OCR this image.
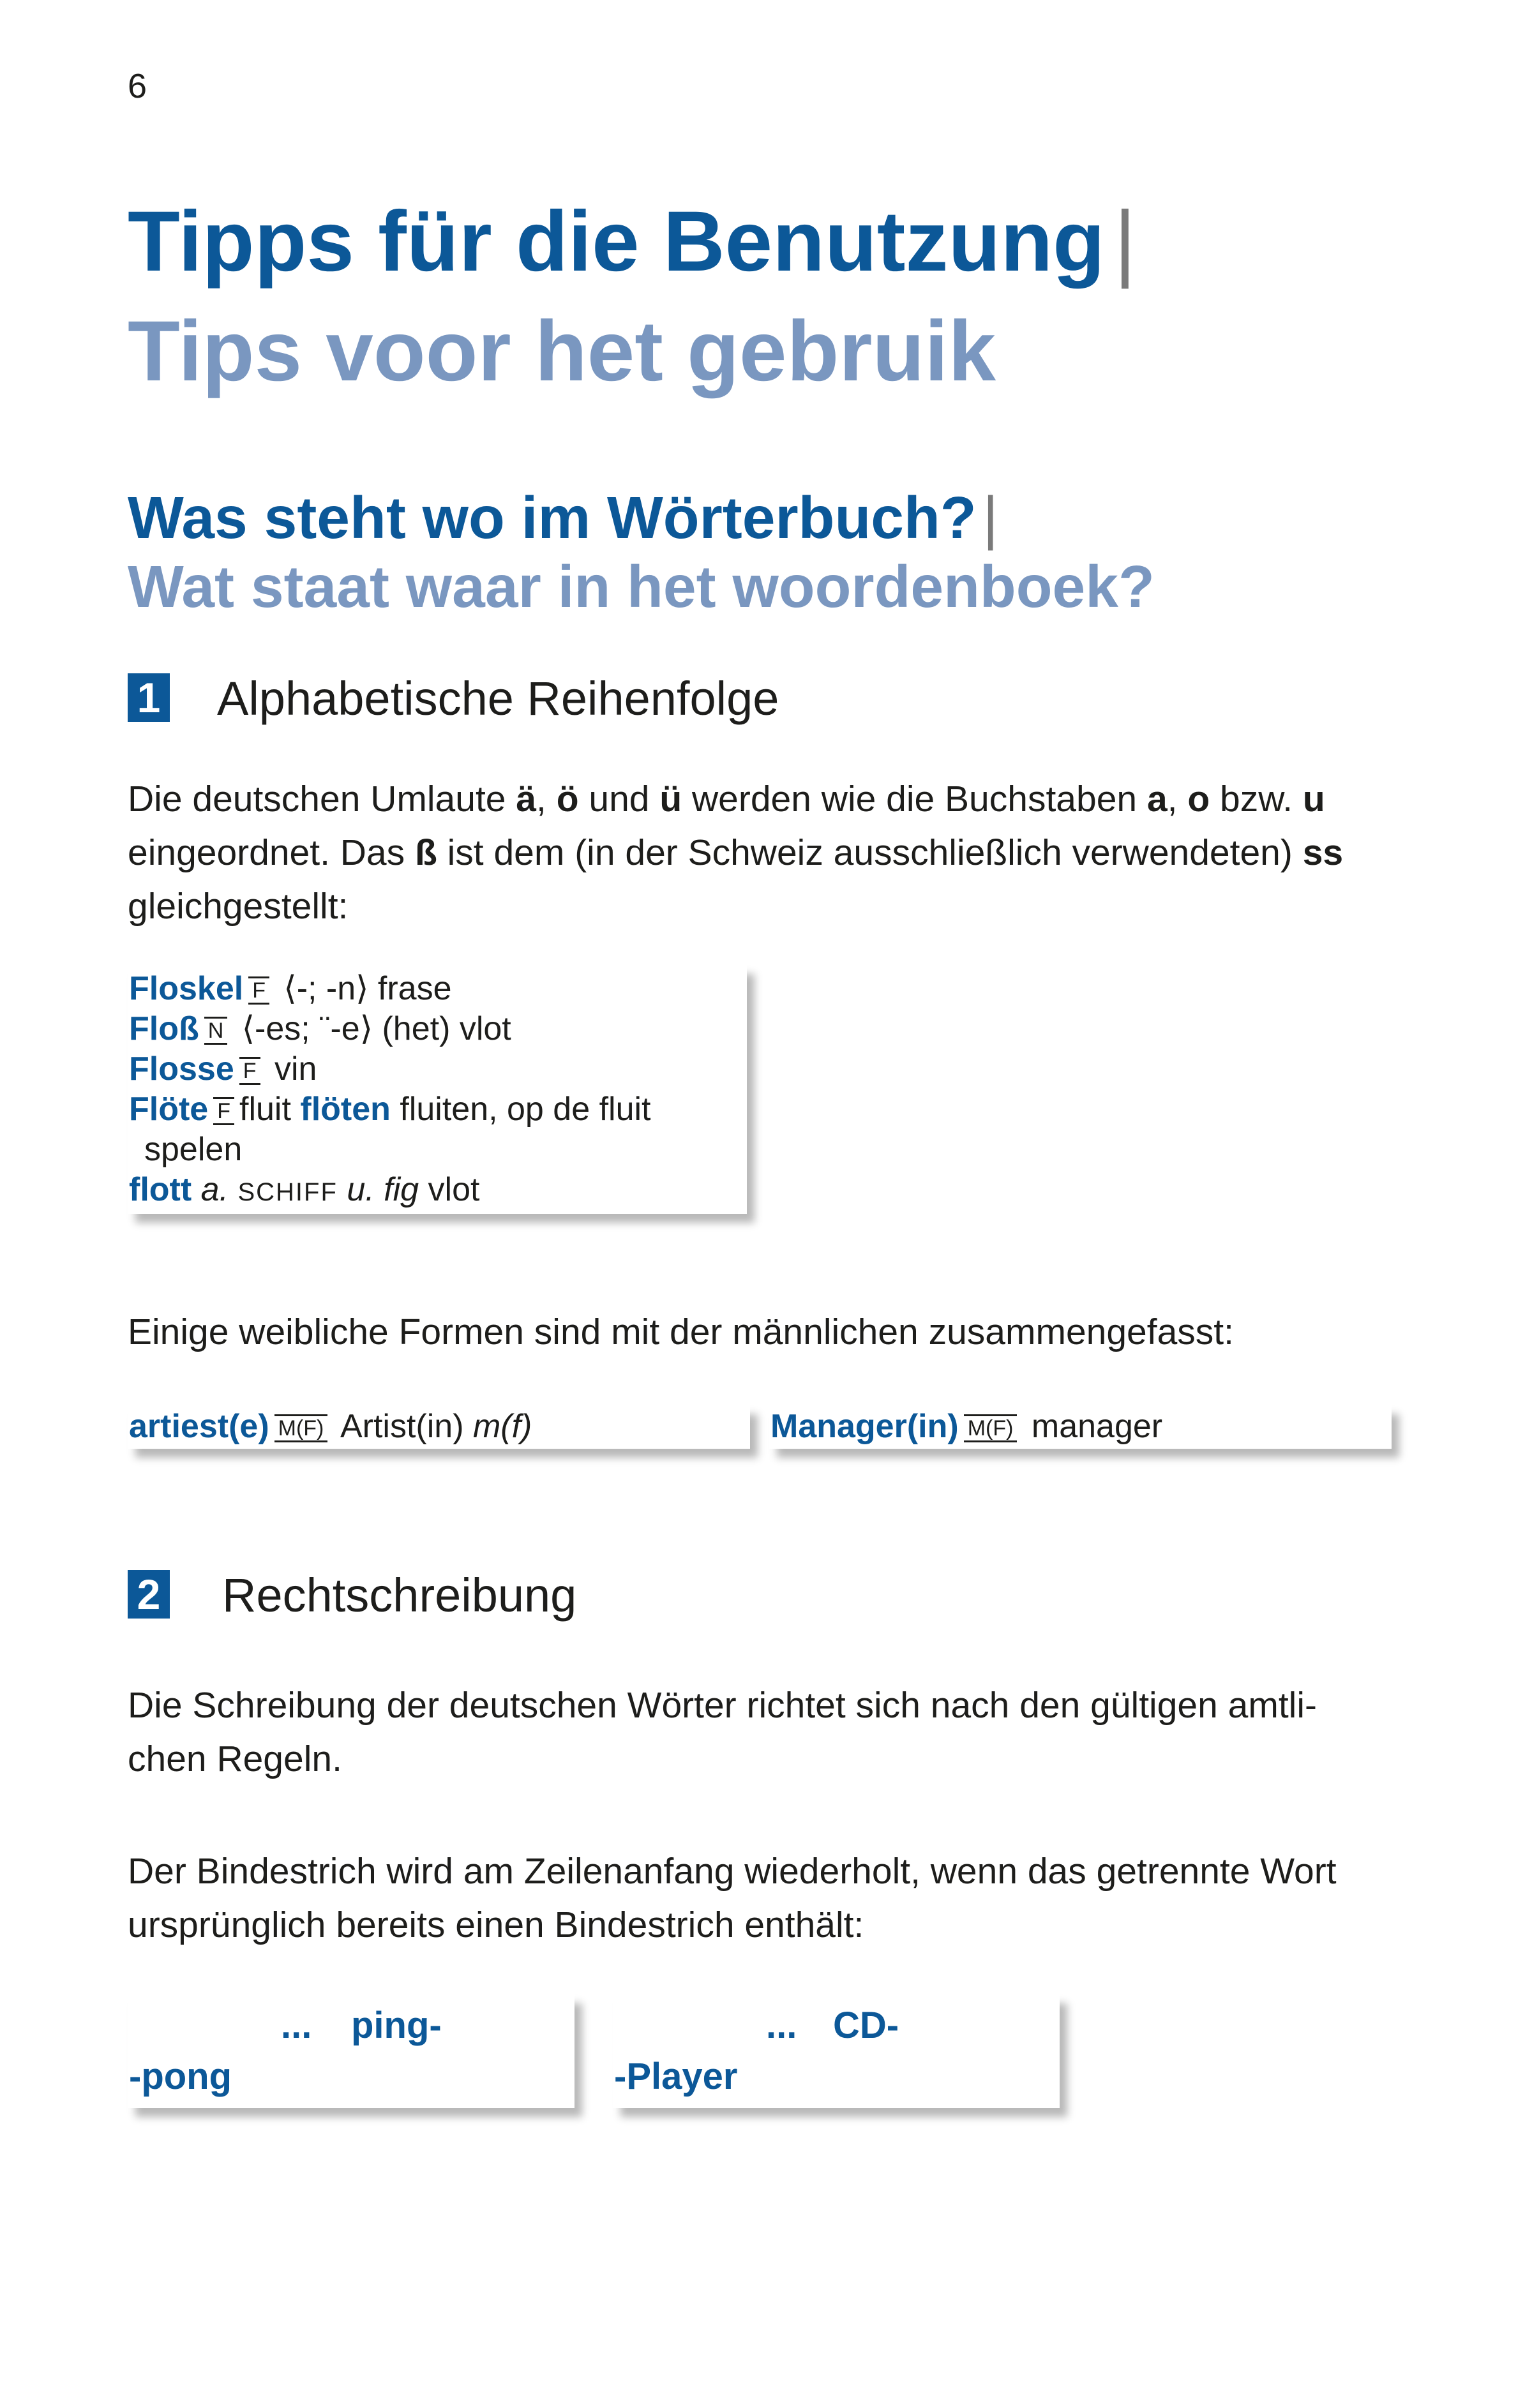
6
Tipps für die Benutzung |
Tips voor het gebruik
Was steht wo im Wörterbuch? |
Wat staat waar in het woordenboek?
1 Alphabetische Reihenfolge
Die deutschen Umlaute ä, ö und ü werden wie die Buchstaben a, o bzw. u
eingeordnet. Das ß ist dem (in der Schweiz ausschließlich verwendeten) ss
gleichgestellt:
Floskel F ⟨-; -n⟩ frase
Floß N ⟨-es; ¨-e⟩ (het) vlot
Flosse F vin
Flöte F fluit flöten fluiten, op de fluit
spelen
flott a. SCHIFF u. fig vlot
Einige weibliche Formen sind mit der männlichen zusammengefasst:
artiest(e) M(F) Artist(in) m(f)	Manager(in) M(F) manager
2 Rechtschreibung
Die Schreibung der deutschen Wörter richtet sich nach den gültigen amtli-
chen Regeln.
Der Bindestrich wird am Zeilenanfang wiederholt, wenn das getrennte Wort
ursprünglich bereits einen Bindestrich enthält:
... ping-
-pong
... CD-
-Player
